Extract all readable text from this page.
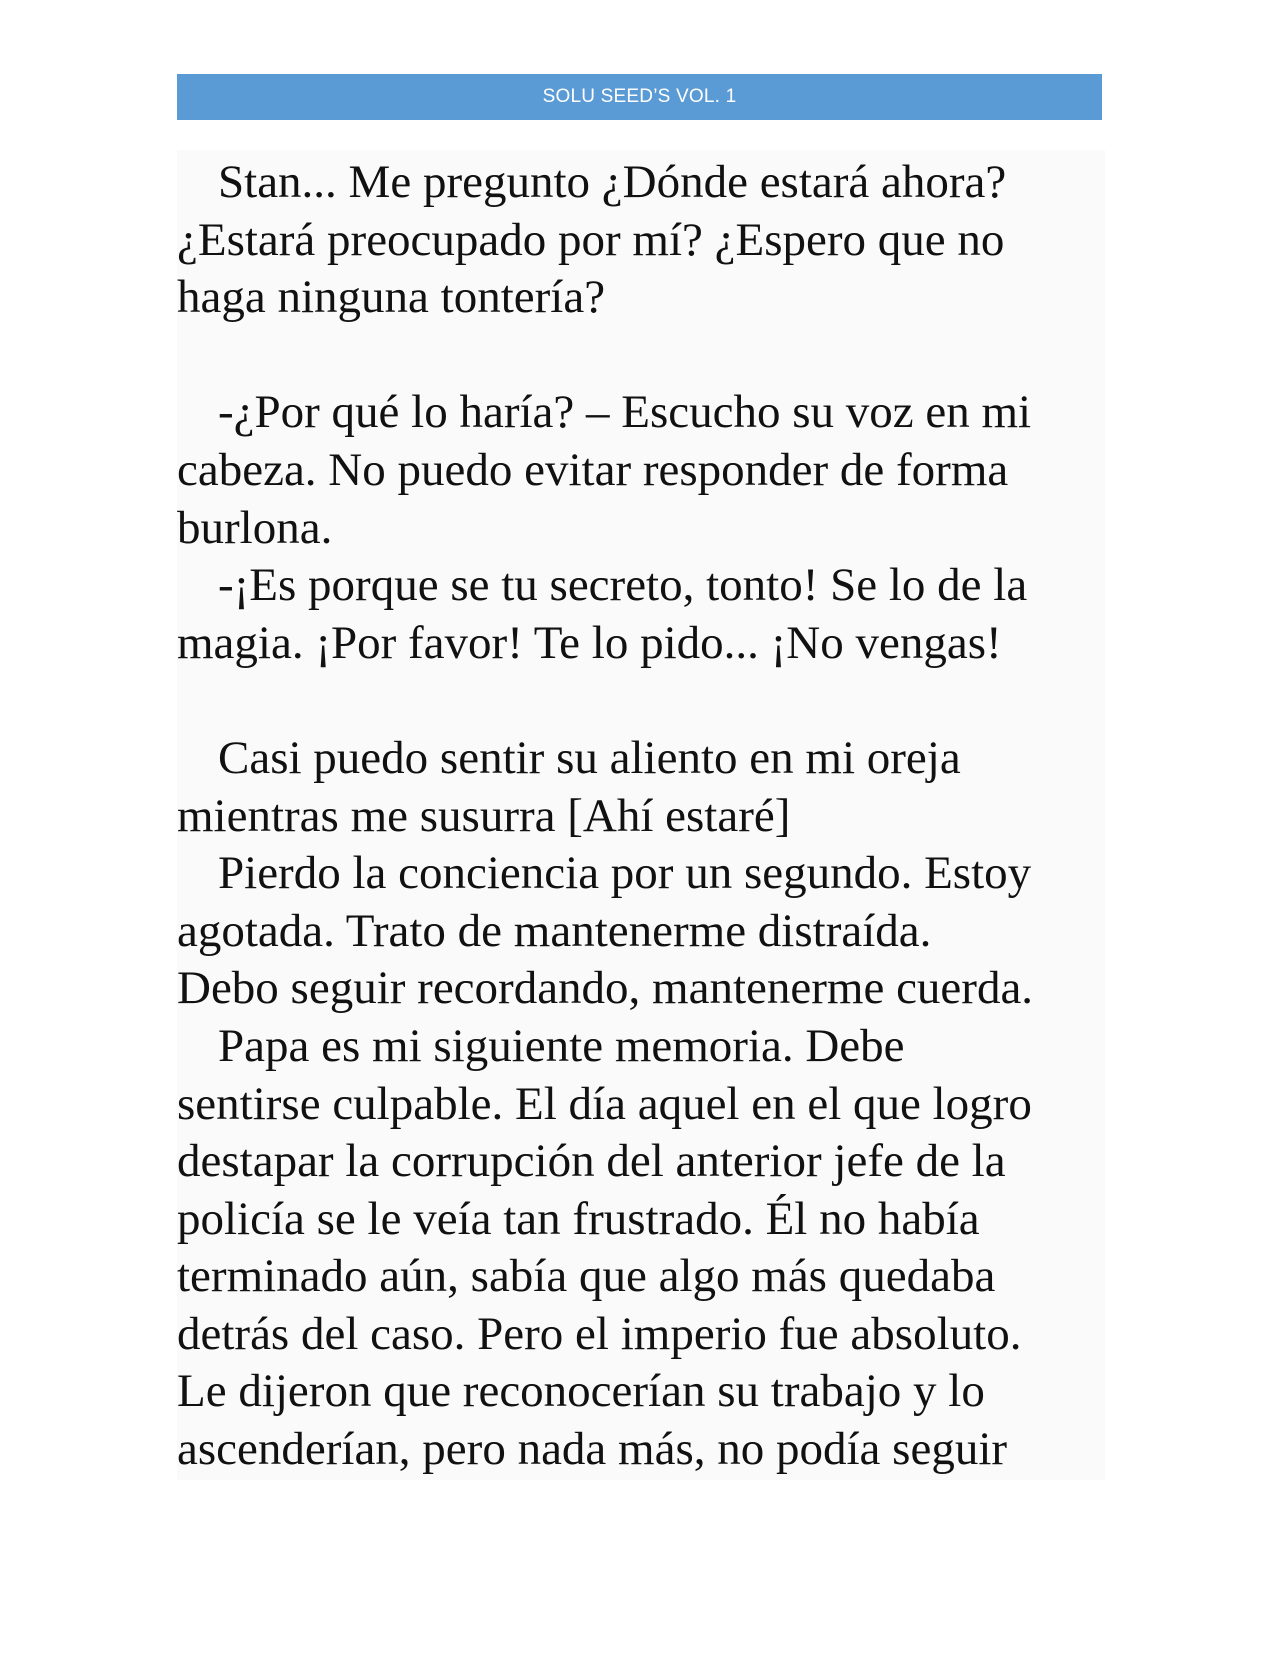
SOLU SEED’S VOL. 1
Stan... Me pregunto ¿Dónde estará ahora?
¿Estará preocupado por mí? ¿Espero que no
haga ninguna tontería?
-¿Por qué lo haría? – Escucho su voz en mi
cabeza. No puedo evitar responder de forma
burlona.
-¡Es porque se tu secreto, tonto! Se lo de la
magia. ¡Por favor! Te lo pido... ¡No vengas!
Casi puedo sentir su aliento en mi oreja
mientras me susurra [Ahí estaré]
Pierdo la conciencia por un segundo. Estoy
agotada. Trato de mantenerme distraída.
Debo seguir recordando, mantenerme cuerda.
Papa es mi siguiente memoria. Debe
sentirse culpable. El día aquel en el que logro
destapar la corrupción del anterior jefe de la
policía se le veía tan frustrado. Él no había
terminado aún, sabía que algo más quedaba
detrás del caso. Pero el imperio fue absoluto.
Le dijeron que reconocerían su trabajo y lo
ascenderían, pero nada más, no podía seguir
